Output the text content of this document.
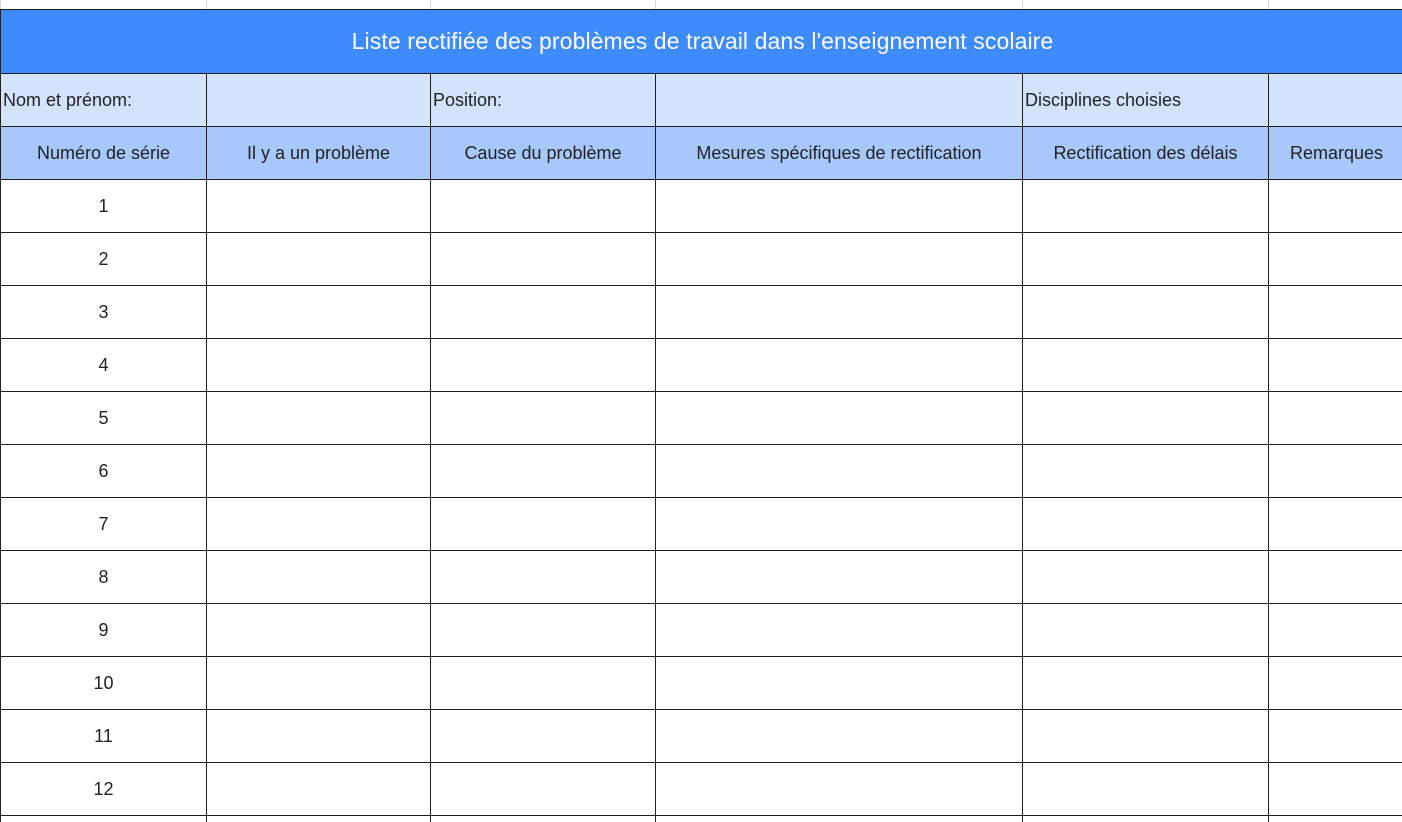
Liste rectifiée des problèmes de travail dans l'enseignement scolaire					
Nom et prénom:		Position:		Disciplines choisies	
Numéro de série	Il y a un problème	Cause du problème	Mesures spécifiques de rectification	Rectification des délais	Remarques
1					
2					
3					
4					
5					
6					
7					
8					
9					
10					
11					
12					
